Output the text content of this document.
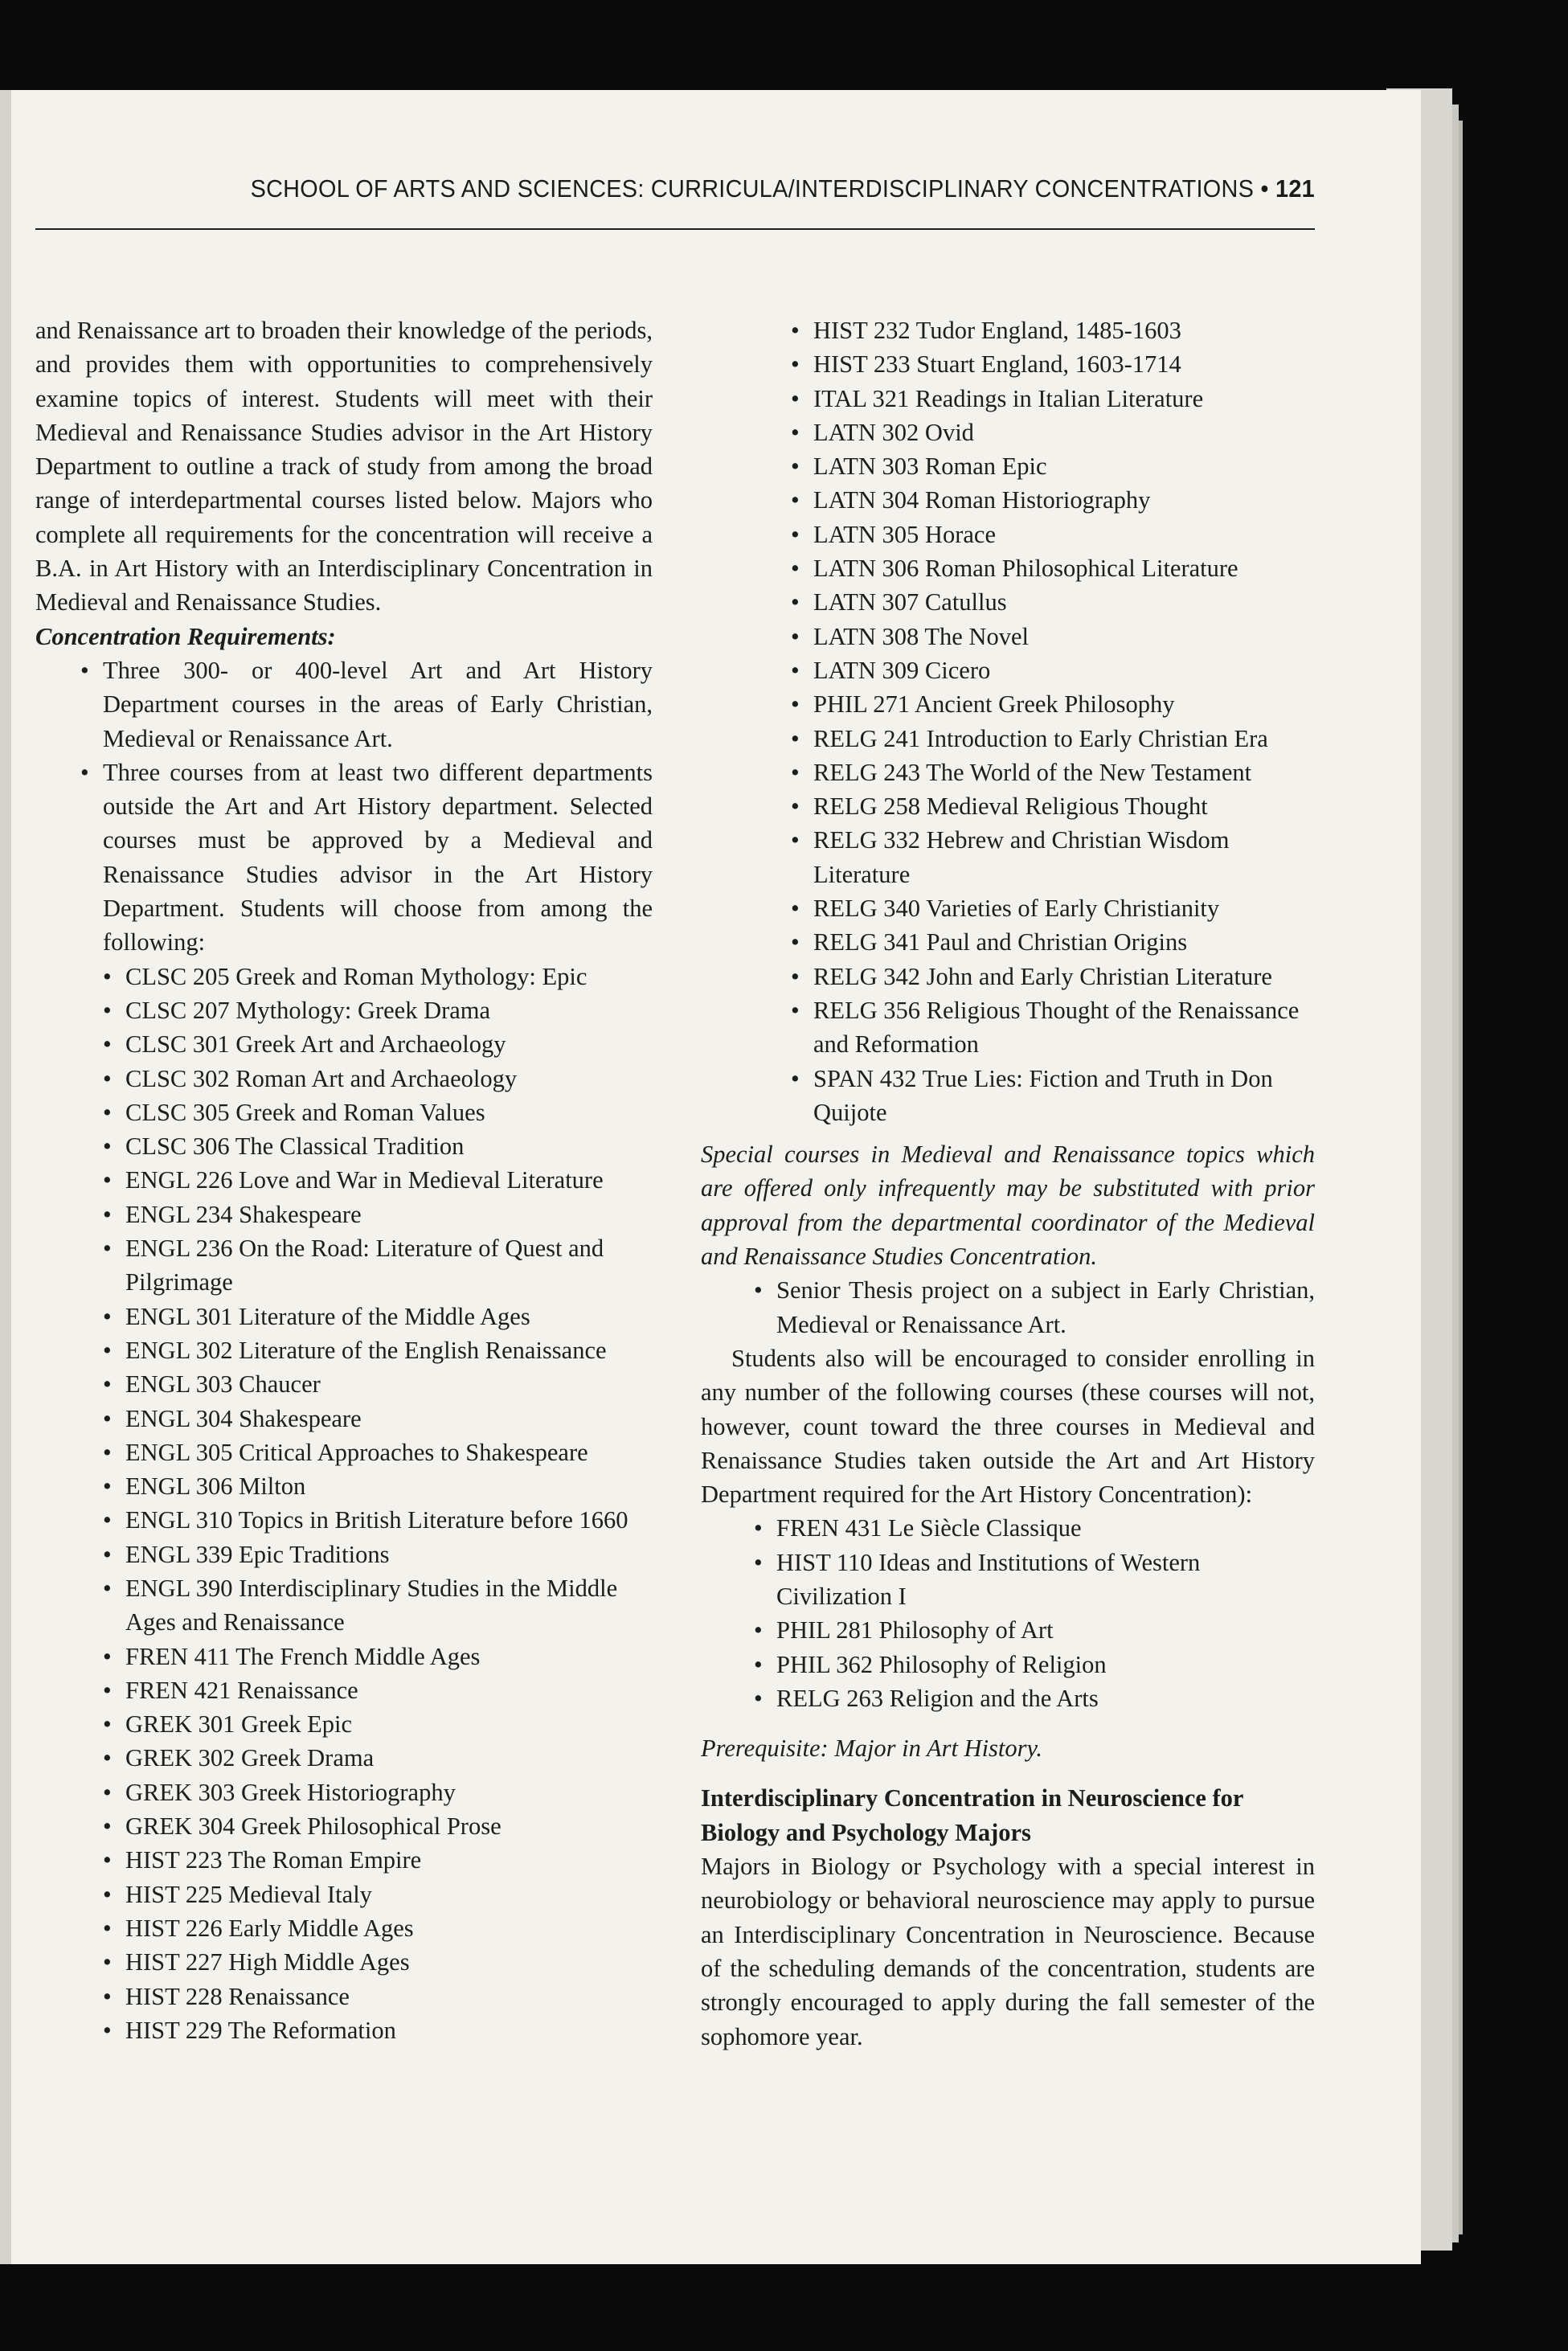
SCHOOL OF ARTS AND SCIENCES: CURRICULA/INTERDISCIPLINARY CONCENTRATIONS • 121

and Renaissance art to broaden their knowledge of the periods, and provides them with opportunities to comprehensively examine topics of interest. Students will meet with their Medieval and Renaissance Studies advisor in the Art History Department to outline a track of study from among the broad range of interdepartmental courses listed below. Majors who complete all requirements for the concentration will receive a B.A. in Art History with an Interdisciplinary Concentration in Medieval and Renaissance Studies.

Concentration Requirements:

• Three 300- or 400-level Art and Art History Department courses in the areas of Early Christian, Medieval or Renaissance Art.
• Three courses from at least two different departments outside the Art and Art History department. Selected courses must be approved by a Medieval and Renaissance Studies advisor in the Art History Department. Students will choose from among the following:
• CLSC 205 Greek and Roman Mythology: Epic
• CLSC 207 Mythology: Greek Drama
• CLSC 301 Greek Art and Archaeology
• CLSC 302 Roman Art and Archaeology
• CLSC 305 Greek and Roman Values
• CLSC 306 The Classical Tradition
• ENGL 226 Love and War in Medieval Literature
• ENGL 234 Shakespeare
• ENGL 236 On the Road: Literature of Quest and Pilgrimage
• ENGL 301 Literature of the Middle Ages
• ENGL 302 Literature of the English Renaissance
• ENGL 303 Chaucer
• ENGL 304 Shakespeare
• ENGL 305 Critical Approaches to Shakespeare
• ENGL 306 Milton
• ENGL 310 Topics in British Literature before 1660
• ENGL 339 Epic Traditions
• ENGL 390 Interdisciplinary Studies in the Middle Ages and Renaissance
• FREN 411 The French Middle Ages
• FREN 421 Renaissance
• GREK 301 Greek Epic
• GREK 302 Greek Drama
• GREK 303 Greek Historiography
• GREK 304 Greek Philosophical Prose
• HIST 223 The Roman Empire
• HIST 225 Medieval Italy
• HIST 226 Early Middle Ages
• HIST 227 High Middle Ages
• HIST 228 Renaissance
• HIST 229 The Reformation
• HIST 232 Tudor England, 1485-1603
• HIST 233 Stuart England, 1603-1714
• ITAL 321 Readings in Italian Literature
• LATN 302 Ovid
• LATN 303 Roman Epic
• LATN 304 Roman Historiography
• LATN 305 Horace
• LATN 306 Roman Philosophical Literature
• LATN 307 Catullus
• LATN 308 The Novel
• LATN 309 Cicero
• PHIL 271 Ancient Greek Philosophy
• RELG 241 Introduction to Early Christian Era
• RELG 243 The World of the New Testament
• RELG 258 Medieval Religious Thought
• RELG 332 Hebrew and Christian Wisdom Literature
• RELG 340 Varieties of Early Christianity
• RELG 341 Paul and Christian Origins
• RELG 342 John and Early Christian Literature
• RELG 356 Religious Thought of the Renaissance and Reformation
• SPAN 432 True Lies: Fiction and Truth in Don Quijote

Special courses in Medieval and Renaissance topics which are offered only infrequently may be substituted with prior approval from the departmental coordinator of the Medieval and Renaissance Studies Concentration.

• Senior Thesis project on a subject in Early Christian, Medieval or Renaissance Art.

Students also will be encouraged to consider enrolling in any number of the following courses (these courses will not, however, count toward the three courses in Medieval and Renaissance Studies taken outside the Art and Art History Department required for the Art History Concentration):

• FREN 431 Le Siècle Classique
• HIST 110 Ideas and Institutions of Western Civilization I
• PHIL 281 Philosophy of Art
• PHIL 362 Philosophy of Religion
• RELG 263 Religion and the Arts

Prerequisite: Major in Art History.

Interdisciplinary Concentration in Neuroscience for Biology and Psychology Majors

Majors in Biology or Psychology with a special interest in neurobiology or behavioral neuroscience may apply to pursue an Interdisciplinary Concentration in Neuroscience. Because of the scheduling demands of the concentration, students are strongly encouraged to apply during the fall semester of the sophomore year.
